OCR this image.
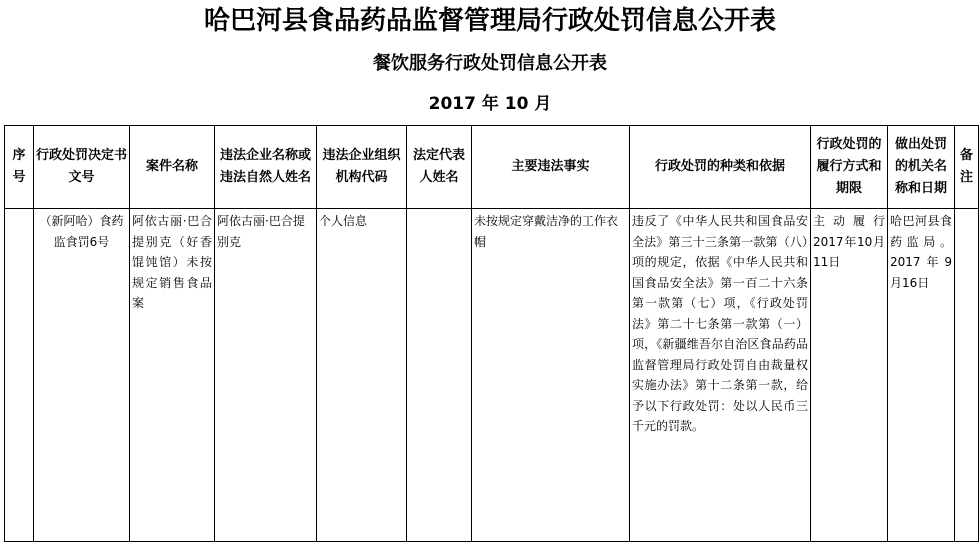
哈巴河县食品药品监督管理局行政处罚信息公开表
餐饮服务行政处罚信息公开表
2017 年 10 月
序号	行政处罚决定书文号	案件名称	违法企业名称或违法自然人姓名	违法企业组织机构代码	法定代表人姓名	主要违法事实	行政处罚的种类和依据	行政处罚的履行方式和期限	做出处罚的机关名称和日期	备注
	（新阿哈）食药监食罚6号	阿依古丽·巴合提别克（好香馄饨馆）未按规定销售食品案	阿依古丽·巴合提别克	个人信息		未按规定穿戴洁净的工作衣帽	违反了《中华人民共和国食品安全法》第三十三条第一款第（八）项的规定，依据《中华人民共和国食品安全法》第一百二十六条第一款第（七）项，《行政处罚法》第二十七条第一款第（一）项，《新疆维吾尔自治区食品药品监督管理局行政处罚自由裁量权实施办法》第十二条第一款，给予以下行政处罚：处以人民币三千元的罚款。	主动履行2017年10月11日	哈巴河县食药监局。2017年9月16日	
